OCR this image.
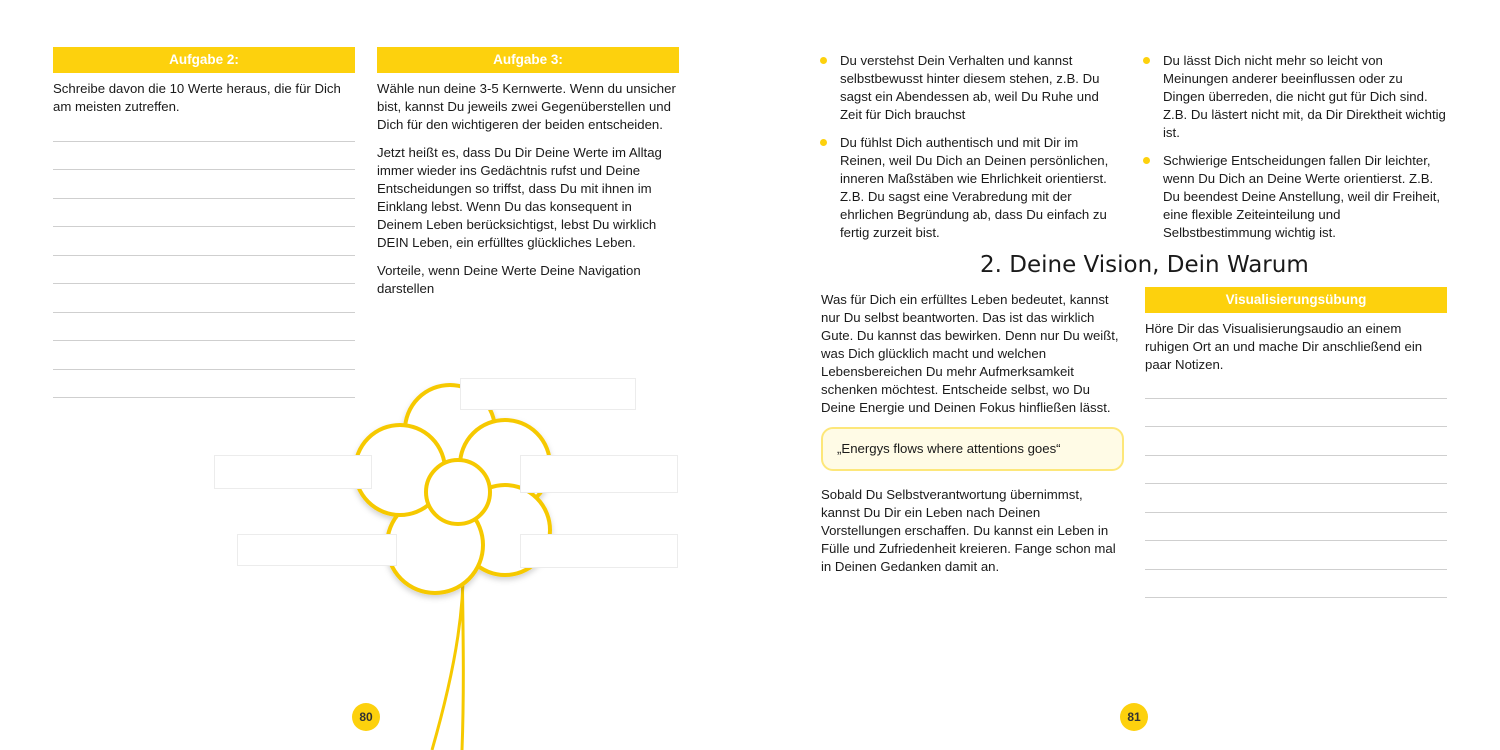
Aufgabe 2:
Schreibe davon die 10 Werte heraus, die für Dich am meisten zutreffen.
Aufgabe 3:

Wähle nun deine 3-5 Kernwerte. Wenn du unsicher bist, kannst Du jeweils zwei Gegenüberstellen und Dich für den wichtigeren der beiden entscheiden.

Jetzt heißt es, dass Du Dir Deine Werte im Alltag immer wieder ins Gedächtnis rufst und Deine Entscheidungen so triffst, dass Du mit ihnen im Einklang lebst. Wenn Du das konsequent in Deinem Leben berücksichtigst, lebst Du wirklich DEIN Leben, ein erfülltes glückliches Leben.

Vorteile, wenn Deine Werte Deine Navigation darstellen

80
Du verstehst Dein Verhalten und kannst selbstbewusst hinter diesem stehen, z.B. Du sagst ein Abendessen ab, weil Du Ruhe und Zeit für Dich brauchst
Du fühlst Dich authentisch und mit Dir im Reinen, weil Du Dich an Deinen persönlichen, inneren Maßstäben wie Ehrlichkeit orientierst. Z.B. Du sagst eine Verabredung mit der ehrlichen Begründung ab, dass Du einfach zu fertig zurzeit bist.
Du lässt Dich nicht mehr so leicht von Meinungen anderer beeinflussen oder zu Dingen überreden, die nicht gut für Dich sind. Z.B. Du lästert nicht mit, da Dir Direktheit wichtig ist.
Schwierige Entscheidungen fallen Dir leichter, wenn Du Dich an Deine Werte orientierst. Z.B. Du beendest Deine Anstellung, weil dir Freiheit, eine flexible Zeiteinteilung und Selbstbestimmung wichtig ist.
2. Deine Vision, Dein Warum
Was für Dich ein erfülltes Leben bedeutet, kannst nur Du selbst beantworten. Das ist das wirklich Gute. Du kannst das bewirken. Denn nur Du weißt, was Dich glücklich macht und welchen Lebensbereichen Du mehr Aufmerksamkeit schenken möchtest. Entscheide selbst, wo Du Deine Energie und Deinen Fokus hinfließen lässt.
„Energys flows where attentions goes“
Sobald Du Selbstverantwortung übernimmst, kannst Du Dir ein Leben nach Deinen Vorstellungen erschaffen. Du kannst ein Leben in Fülle und Zufriedenheit kreieren. Fange schon mal in Deinen Gedanken damit an.
Visualisierungsübung
Höre Dir das Visualisierungsaudio an einem ruhigen Ort an und mache Dir anschließend ein paar Notizen.
81
